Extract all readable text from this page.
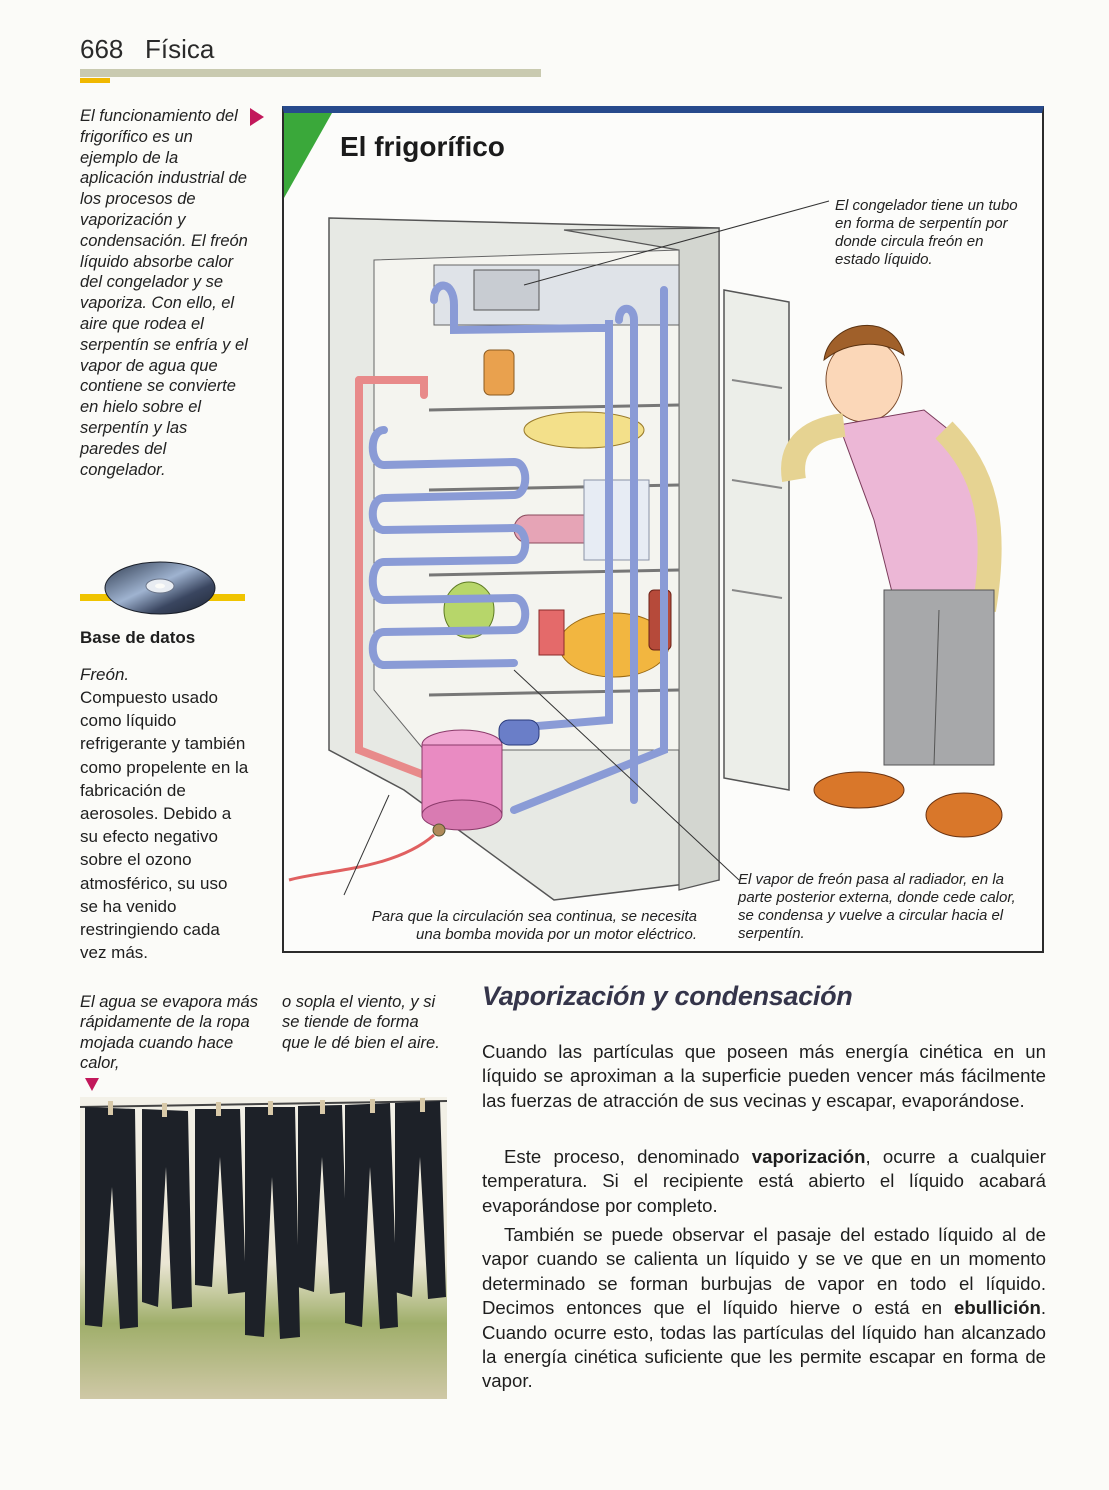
668 Física
El funcionamiento del frigorífico es un ejemplo de la aplicación industrial de los procesos de vaporización y condensación. El freón líquido absorbe calor del congelador y se vaporiza. Con ello, el aire que rodea el serpentín se enfría y el vapor de agua que contiene se convierte en hielo sobre el serpentín y las paredes del congelador.
Base de datos
Freón.
Compuesto usado como líquido refrigerante y también como propelente en la fabricación de aerosoles. Debido a su efecto negativo sobre el ozono atmosférico, su uso se ha venido restringiendo cada vez más.
El frigorífico
El congelador tiene un tubo en forma de serpentín por donde circula freón en estado líquido.
Para que la circulación sea continua, se necesita una bomba movida por un motor eléctrico.
El vapor de freón pasa al radiador, en la parte posterior externa, donde cede calor, se condensa y vuelve a circular hacia el serpentín.
El agua se evapora más rápidamente de la ropa mojada cuando hace calor,
o sopla el viento, y si se tiende de forma que le dé bien el aire.
Vaporización y condensación

Cuando las partículas que poseen más energía cinética en un líquido se aproximan a la superficie pueden vencer más fácilmente las fuerzas de atracción de sus vecinas y escapar, evaporándose.

Este proceso, denominado vaporización, ocurre a cualquier temperatura. Si el recipiente está abierto el líquido acabará evaporándose por completo.

También se puede observar el pasaje del estado líquido al de vapor cuando se calienta un líquido y se ve que en un momento determinado se forman burbujas de vapor en todo el líquido. Decimos entonces que el líquido hierve o está en ebullición. Cuando ocurre esto, todas las partículas del líquido han alcanzado la energía cinética suficiente que les permite escapar en forma de vapor.
